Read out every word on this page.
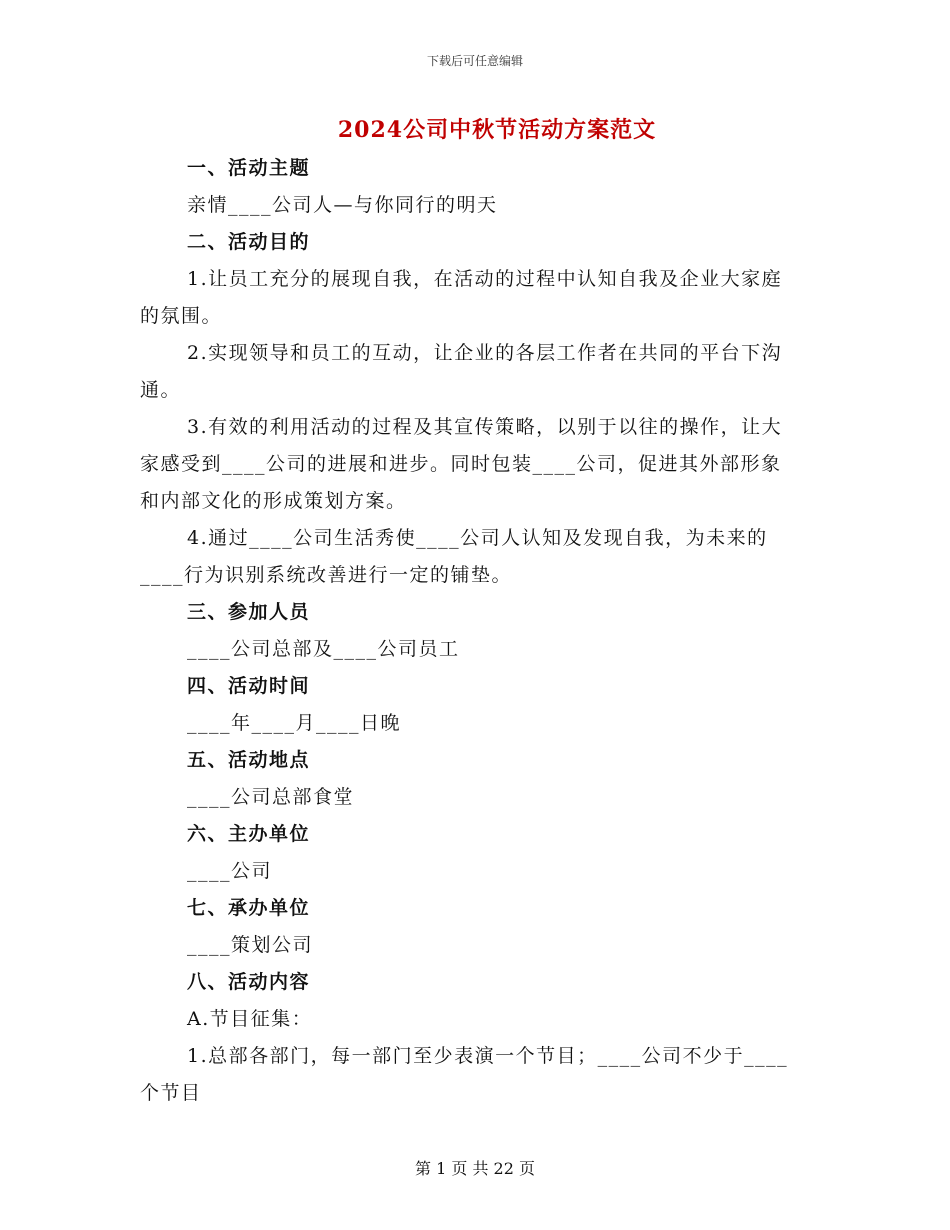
下载后可任意编辑
2024公司中秋节活动方案范文
一、活动主题
亲情____公司人—与你同行的明天
二、活动目的
1.让员工充分的展现自我，在活动的过程中认知自我及企业大家庭的氛围。
2.实现领导和员工的互动，让企业的各层工作者在共同的平台下沟通。
3.有效的利用活动的过程及其宣传策略，以别于以往的操作，让大家感受到____公司的进展和进步。同时包装____公司，促进其外部形象和内部文化的形成策划方案。
4.通过____公司生活秀使____公司人认知及发现自我，为未来的____行为识别系统改善进行一定的铺垫。
三、参加人员
____公司总部及____公司员工
四、活动时间
____年____月____日晚
五、活动地点
____公司总部食堂
六、主办单位
____公司
七、承办单位
____策划公司
八、活动内容
A.节目征集：
1.总部各部门，每一部门至少表演一个节目；____公司不少于____个节目
第 1 页 共 22 页
